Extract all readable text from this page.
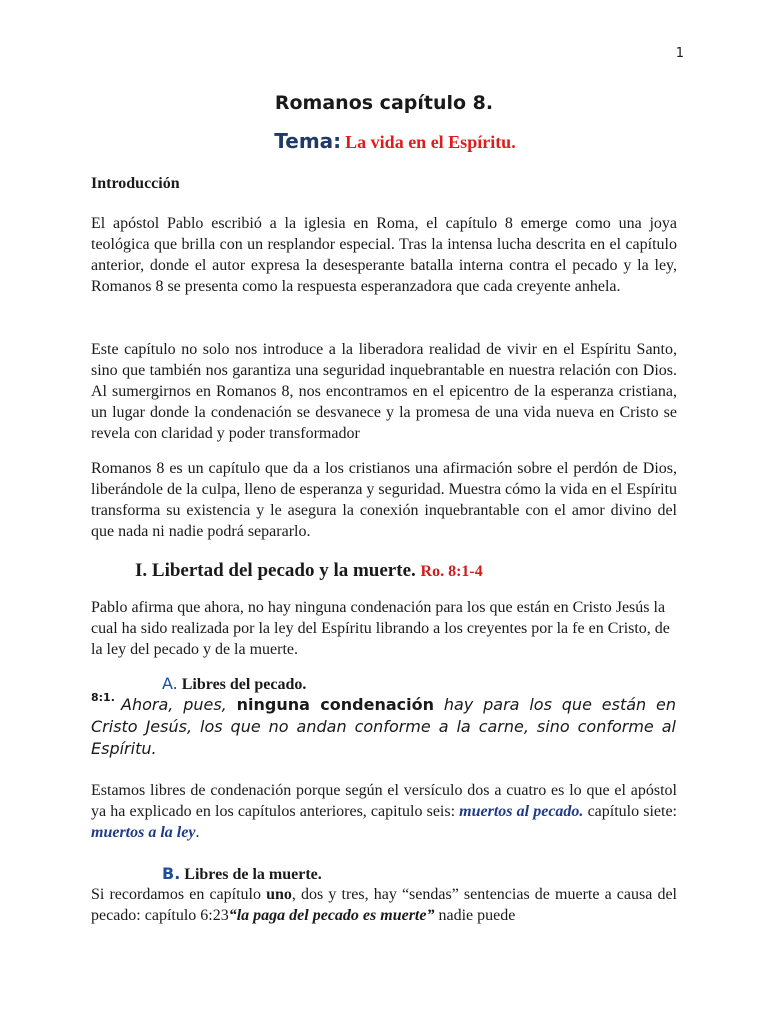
1
Romanos capítulo 8.
Tema: La vida en el Espíritu.
Introducción
El apóstol Pablo escribió a la iglesia en Roma, el capítulo 8 emerge como una joya teológica que brilla con un resplandor especial. Tras la intensa lucha descrita en el capítulo anterior, donde el autor expresa la desesperante batalla interna contra el pecado y la ley, Romanos 8 se presenta como la respuesta esperanzadora que cada creyente anhela.
Este capítulo no solo nos introduce a la liberadora realidad de vivir en el Espíritu Santo, sino que también nos garantiza una seguridad inquebrantable en nuestra relación con Dios. Al sumergirnos en Romanos 8, nos encontramos en el epicentro de la esperanza cristiana, un lugar donde la condenación se desvanece y la promesa de una vida nueva en Cristo se revela con claridad y poder transformador
Romanos 8 es un capítulo que da a los cristianos una afirmación sobre el perdón de Dios, liberándole de la culpa, lleno de esperanza y seguridad. Muestra cómo la vida en el Espíritu transforma su existencia y le asegura la conexión inquebrantable con el amor divino del que nada ni nadie podrá separarlo.
I. Libertad del pecado y la muerte. Ro. 8:1-4
Pablo afirma que ahora, no hay ninguna condenación para los que están en Cristo Jesús la cual ha sido realizada por la ley del Espíritu librando a los creyentes por la fe en Cristo, de la ley del pecado y de la muerte.
A. Libres del pecado.
8:1. Ahora, pues, ninguna condenación hay para los que están en Cristo Jesús, los que no andan conforme a la carne, sino conforme al Espíritu.
Estamos libres de condenación porque según el versículo dos a cuatro es lo que el apóstol ya ha explicado en los capítulos anteriores, capitulo seis: muertos al pecado. capítulo siete: muertos a la ley.
B. Libres de la muerte.
Si recordamos en capítulo uno, dos y tres, hay “sendas” sentencias de muerte a causa del pecado: capítulo 6:23“la paga del pecado es muerte” nadie puede
